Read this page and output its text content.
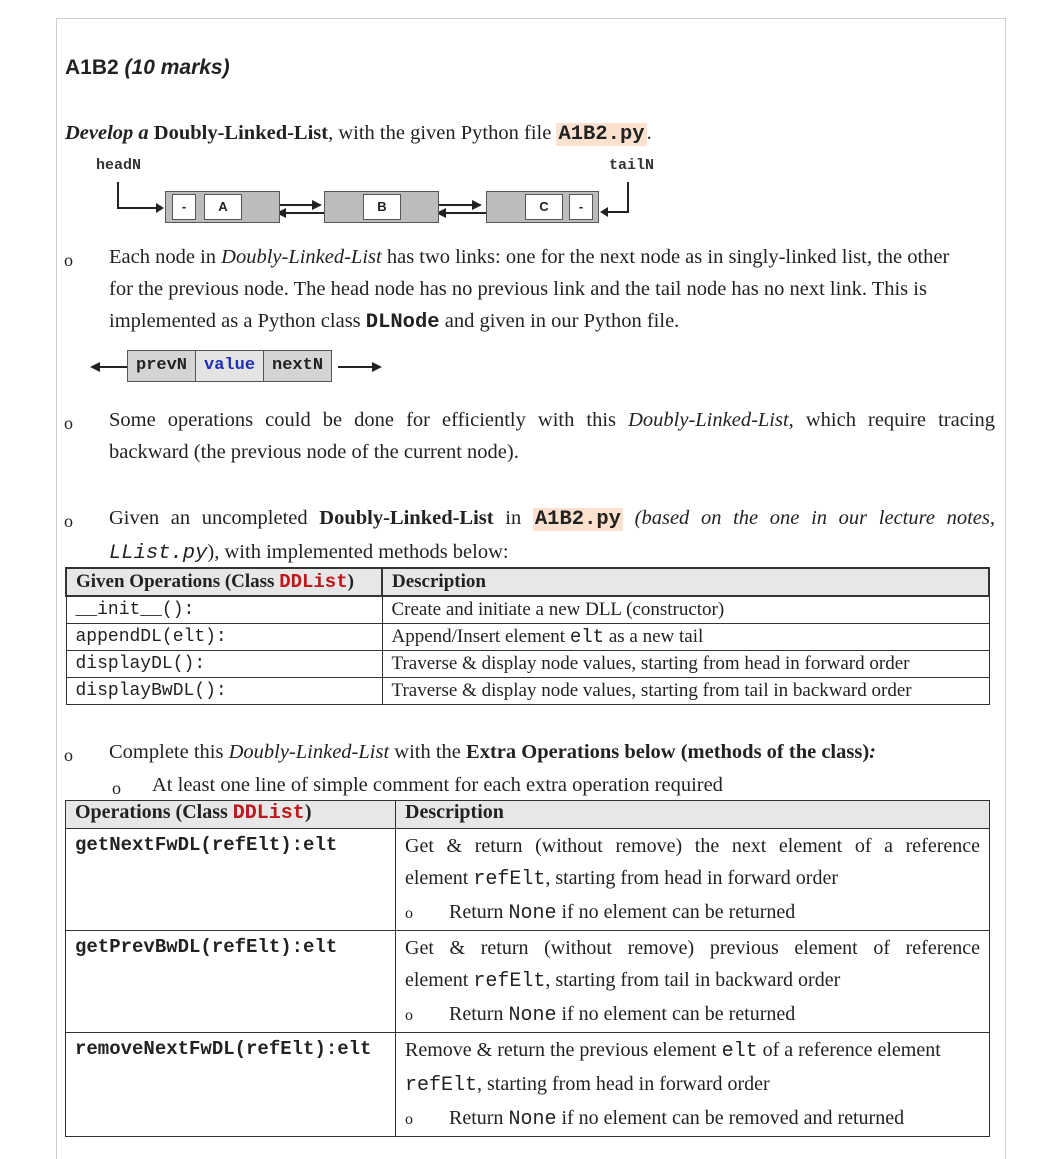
A1B2 (10 marks)
Develop a Doubly-Linked-List, with the given Python file A1B2.py.
headN	tailN
-	A	B	C	-
o Each node in Doubly-Linked-List has two links: one for the next node as in singly-linked list, the other
for the previous node. The head node has no previous link and the tail node has no next link. This is
implemented as a Python class DLNode and given in our Python file.
prevN	value	nextN
o Some operations could be done for efficiently with this Doubly-Linked-List, which require tracing
backward (the previous node of the current node).
o Given an uncompleted Doubly-Linked-List in A1B2.py (based on the one in our lecture notes,
LList.py), with implemented methods below:
Given Operations (Class DDList)	Description
__init__():	Create and initiate a new DLL (constructor)
appendDL(elt):	Append/Insert element elt as a new tail
displayDL():	Traverse & display node values, starting from head in forward order
displayBwDL():	Traverse & display node values, starting from tail in backward order
o Complete this Doubly-Linked-List with the Extra Operations below (methods of the class):
o At least one line of simple comment for each extra operation required
Operations (Class DDList)	Description
getNextFwDL(refElt):elt	Get & return (without remove) the next element of a reference
element refElt, starting from head in forward order
o Return None if no element can be returned

getPrevBwDL(refElt):elt	Get & return (without remove) previous element of reference
element refElt, starting from tail in backward order
o Return None if no element can be returned

removeNextFwDL(refElt):elt	Remove & return the previous element elt of a reference element
refElt, starting from head in forward order
o Return None if no element can be removed and returned
